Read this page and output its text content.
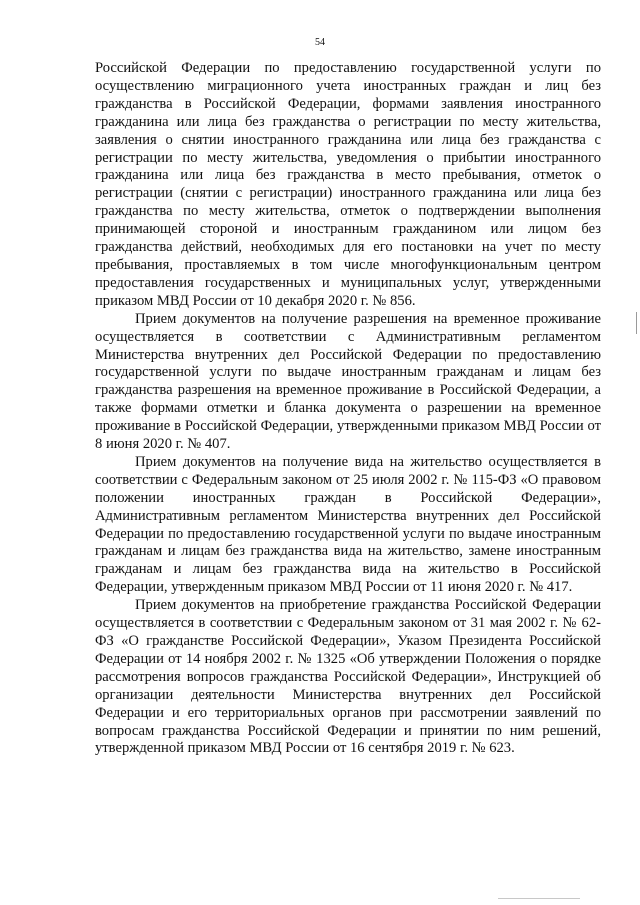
54

Российской Федерации по предоставлению государственной услуги по осуществлению миграционного учета иностранных граждан и лиц без гражданства в Российской Федерации, формами заявления иностранного гражданина или лица без гражданства о регистрации по месту жительства, заявления о снятии иностранного гражданина или лица без гражданства с регистрации по месту жительства, уведомления о прибытии иностранного гражданина или лица без гражданства в место пребывания, отметок о регистрации (снятии с регистрации) иностранного гражданина или лица без гражданства по месту жительства, отметок о подтверждении выполнения принимающей стороной и иностранным гражданином или лицом без гражданства действий, необходимых для его постановки на учет по месту пребывания, проставляемых в том числе многофункциональным центром предоставления государственных и муниципальных услуг, утвержденными приказом МВД России от 10 декабря 2020 г. № 856.

Прием документов на получение разрешения на временное проживание осуществляется в соответствии с Административным регламентом Министерства внутренних дел Российской Федерации по предоставлению государственной услуги по выдаче иностранным гражданам и лицам без гражданства разрешения на временное проживание в Российской Федерации, а также формами отметки и бланка документа о разрешении на временное проживание в Российской Федерации, утвержденными приказом МВД России от 8 июня 2020 г. № 407.

Прием документов на получение вида на жительство осуществляется в соответствии с Федеральным законом от 25 июля 2002 г. № 115-ФЗ «О правовом положении иностранных граждан в Российской Федерации», Административным регламентом Министерства внутренних дел Российской Федерации по предоставлению государственной услуги по выдаче иностранным гражданам и лицам без гражданства вида на жительство, замене иностранным гражданам и лицам без гражданства вида на жительство в Российской Федерации, утвержденным приказом МВД России от 11 июня 2020 г. № 417.

Прием документов на приобретение гражданства Российской Федерации осуществляется в соответствии с Федеральным законом от 31 мая 2002 г. № 62-ФЗ «О гражданстве Российской Федерации», Указом Президента Российской Федерации от 14 ноября 2002 г. № 1325 «Об утверждении Положения о порядке рассмотрения вопросов гражданства Российской Федерации», Инструкцией об организации деятельности Министерства внутренних дел Российской Федерации и его территориальных органов при рассмотрении заявлений по вопросам гражданства Российской Федерации и принятии по ним решений, утвержденной приказом МВД России от 16 сентября 2019 г. № 623.
